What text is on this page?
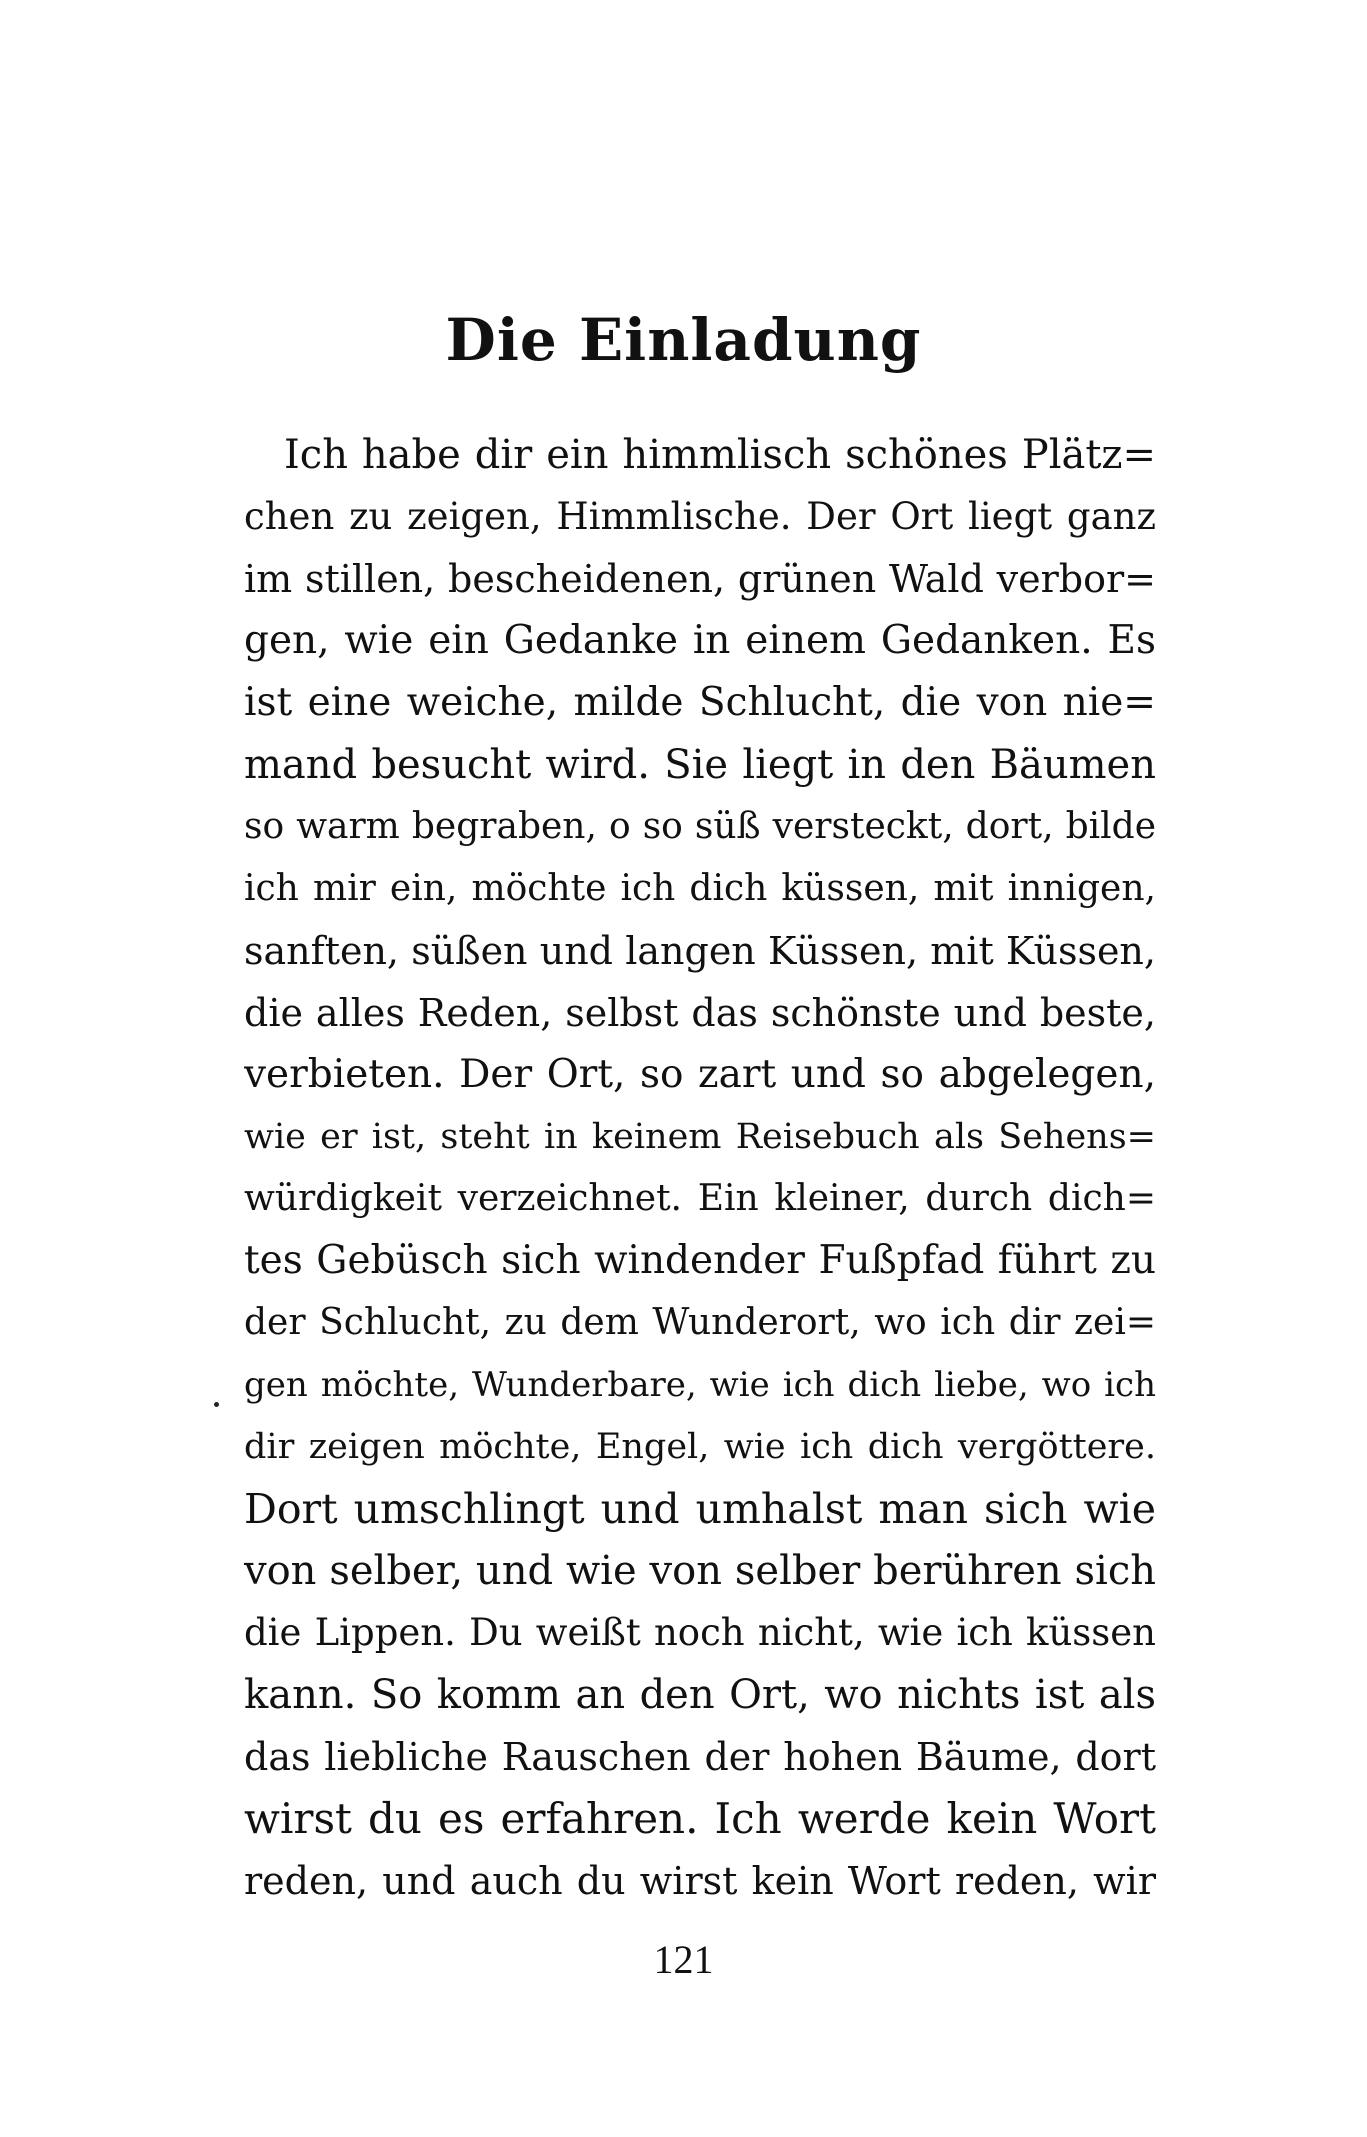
Die Einladung
Ich habe dir ein himmlisch schönes Plätz=
chen zu zeigen, Himmlische. Der Ort liegt ganz
im stillen, bescheidenen, grünen Wald verbor=
gen, wie ein Gedanke in einem Gedanken. Es
ist eine weiche, milde Schlucht, die von nie=
mand besucht wird. Sie liegt in den Bäumen
so warm begraben, o so süß versteckt, dort, bilde
ich mir ein, möchte ich dich küssen, mit innigen,
sanften, süßen und langen Küssen, mit Küssen,
die alles Reden, selbst das schönste und beste,
verbieten. Der Ort, so zart und so abgelegen,
wie er ist, steht in keinem Reisebuch als Sehens=
würdigkeit verzeichnet. Ein kleiner, durch dich=
tes Gebüsch sich windender Fußpfad führt zu
der Schlucht, zu dem Wunderort, wo ich dir zei=
gen möchte, Wunderbare, wie ich dich liebe, wo ich
dir zeigen möchte, Engel, wie ich dich vergöttere.
Dort umschlingt und umhalst man sich wie
von selber, und wie von selber berühren sich
die Lippen. Du weißt noch nicht, wie ich küssen
kann. So komm an den Ort, wo nichts ist als
das liebliche Rauschen der hohen Bäume, dort
wirst du es erfahren. Ich werde kein Wort
reden, und auch du wirst kein Wort reden, wir
121
